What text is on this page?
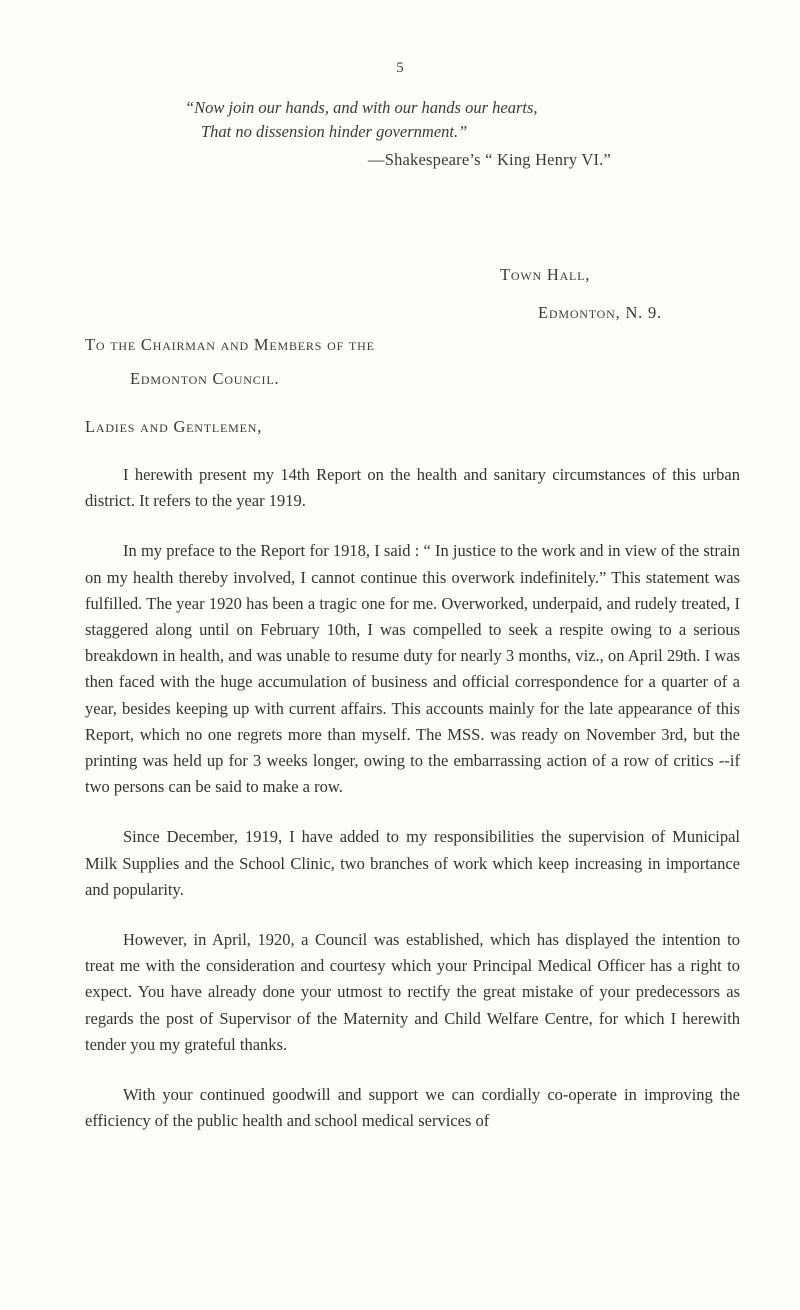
5
“Now join our hands, and with our hands our hearts,
That no dissension hinder government.”
—Shakespeare’s “ King Henry VI.”
Town Hall,
Edmonton, N. 9.
To the Chairman and Members of the
Edmonton Council.
Ladies and Gentlemen,

I herewith present my 14th Report on the health and sanitary circumstances of this urban district. It refers to the year 1919.

In my preface to the Report for 1918, I said : “ In justice to the work and in view of the strain on my health thereby involved, I cannot continue this overwork indefinitely.” This statement was fulfilled. The year 1920 has been a tragic one for me. Overworked, underpaid, and rudely treated, I staggered along until on February 10th, I was compelled to seek a respite owing to a serious breakdown in health, and was unable to resume duty for nearly 3 months, viz., on April 29th. I was then faced with the huge accumulation of business and official correspondence for a quarter of a year, besides keeping up with current affairs. This accounts mainly for the late appearance of this Report, which no one regrets more than myself. The MSS. was ready on November 3rd, but the printing was held up for 3 weeks longer, owing to the embarrassing action of a row of critics --if two persons can be said to make a row.

Since December, 1919, I have added to my responsibilities the supervision of Municipal Milk Supplies and the School Clinic, two branches of work which keep increasing in importance and popularity.

However, in April, 1920, a Council was established, which has displayed the intention to treat me with the consideration and courtesy which your Principal Medical Officer has a right to expect. You have already done your utmost to rectify the great mistake of your predecessors as regards the post of Supervisor of the Maternity and Child Welfare Centre, for which I herewith tender you my grateful thanks.

With your continued goodwill and support we can cordially co-operate in improving the efficiency of the public health and school medical services of
